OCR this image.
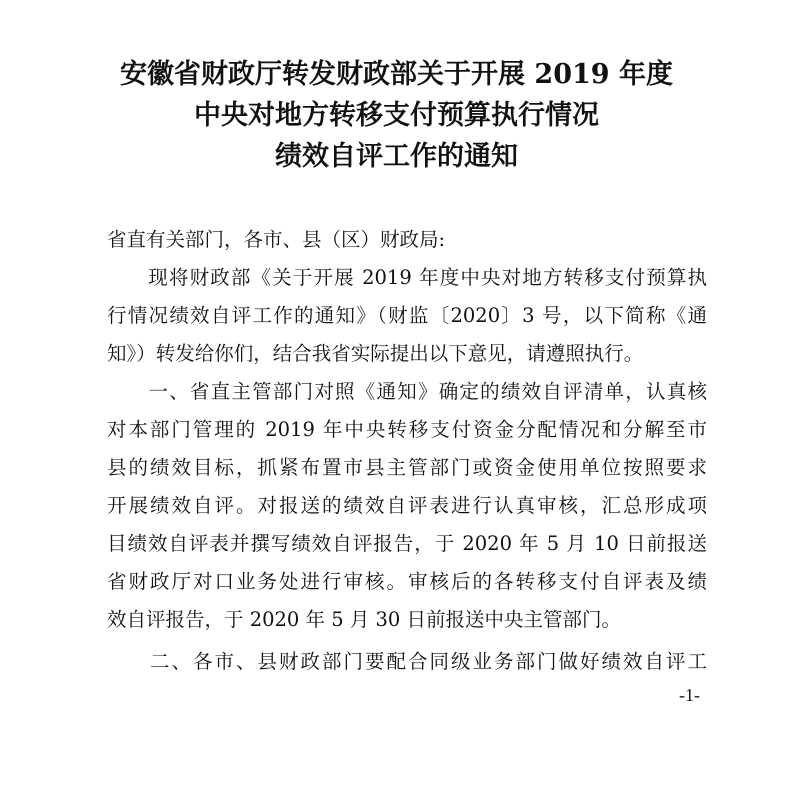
安徽省财政厅转发财政部关于开展 2019 年度
中央对地方转移支付预算执行情况
绩效自评工作的通知
省直有关部门，各市、县（区）财政局:
　　现将财政部《关于开展 2019 年度中央对地方转移支付预算执
行情况绩效自评工作的通知》（财监〔2020〕3 号，以下简称《通
知》）转发给你们，结合我省实际提出以下意见，请遵照执行。
　　一、省直主管部门对照《通知》确定的绩效自评清单，认真核
对本部门管理的 2019 年中央转移支付资金分配情况和分解至市
县的绩效目标，抓紧布置市县主管部门或资金使用单位按照要求
开展绩效自评。对报送的绩效自评表进行认真审核，汇总形成项
目绩效自评表并撰写绩效自评报告，于 2020 年 5 月 10 日前报送
省财政厅对口业务处进行审核。审核后的各转移支付自评表及绩
效自评报告，于 2020 年 5 月 30 日前报送中央主管部门。
　　二、各市、县财政部门要配合同级业务部门做好绩效自评工
-1-
